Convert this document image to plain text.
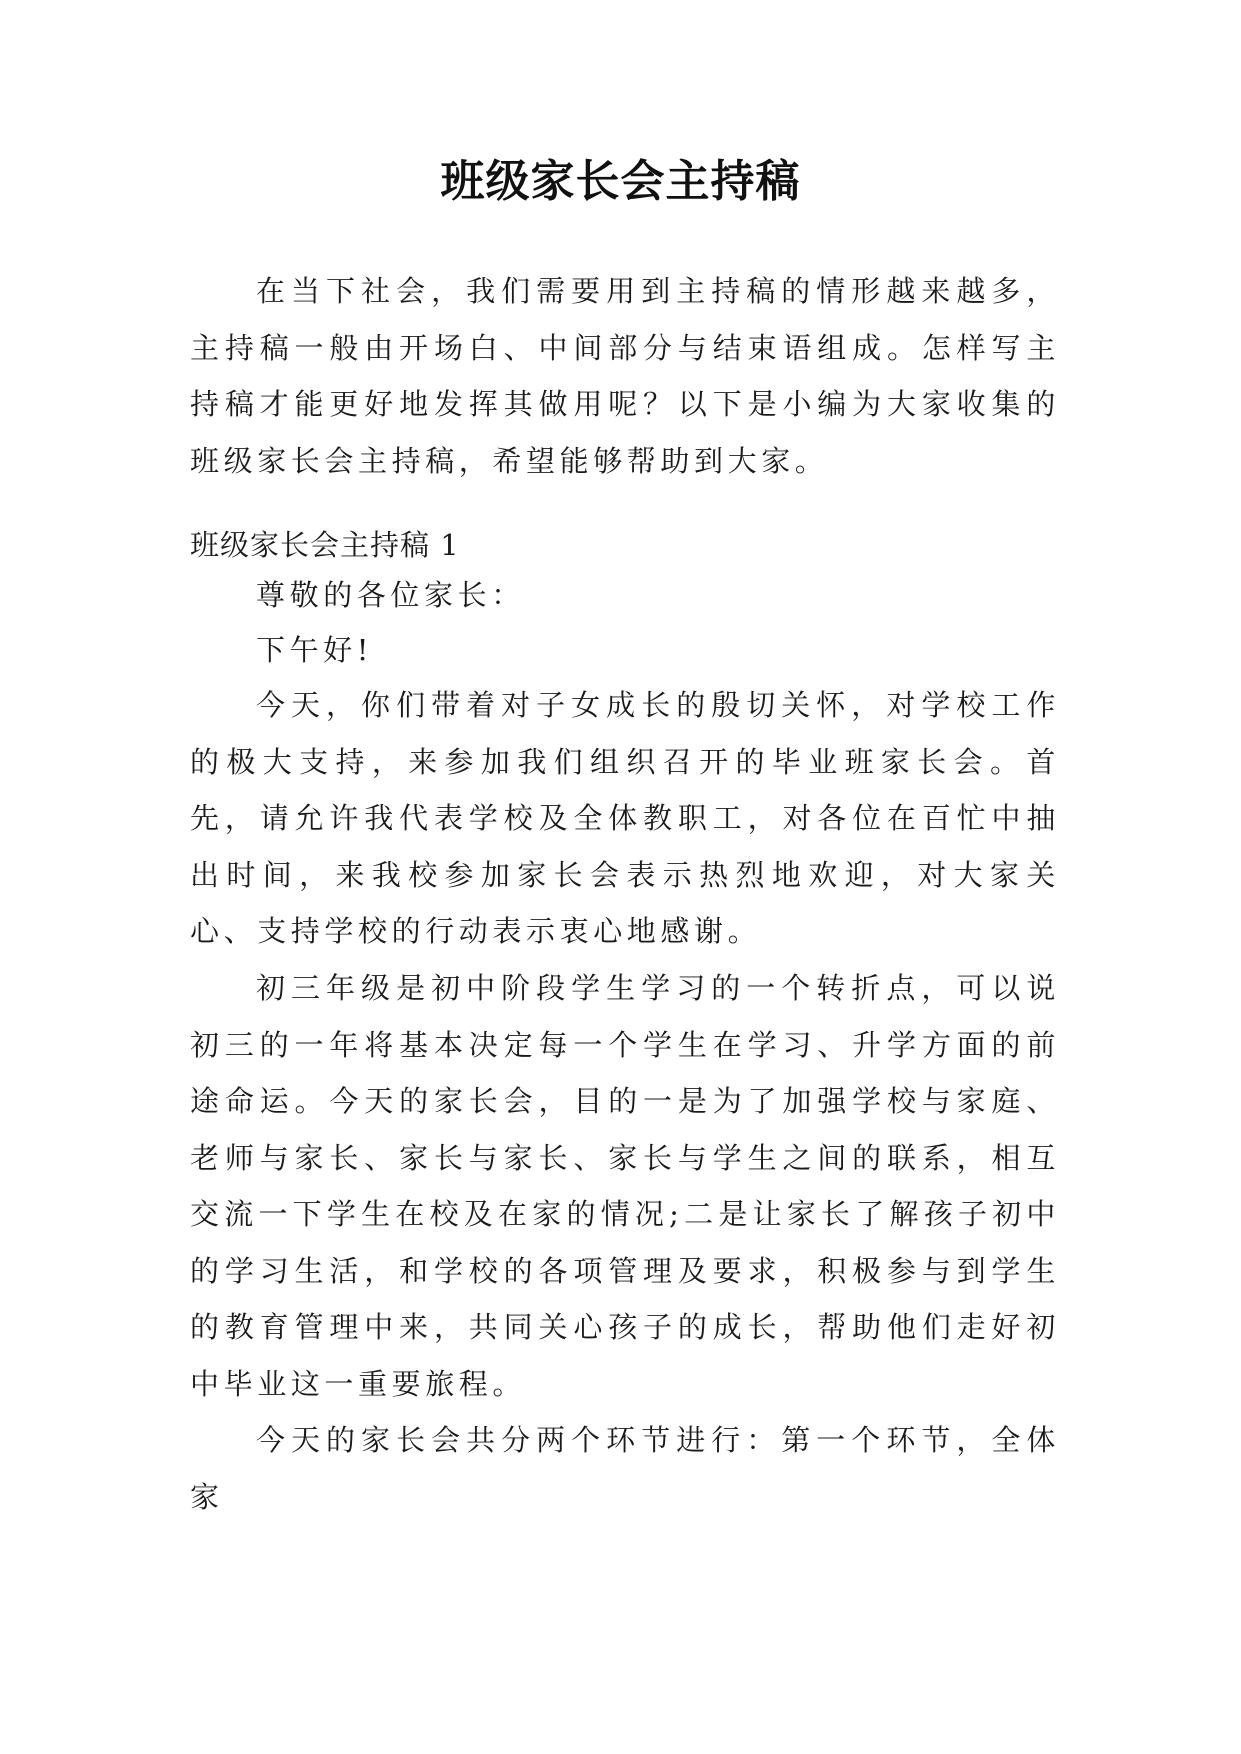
班级家长会主持稿

在当下社会，我们需要用到主持稿的情形越来越多，主持稿一般由开场白、中间部分与结束语组成。怎样写主持稿才能更好地发挥其做用呢？以下是小编为大家收集的班级家长会主持稿，希望能够帮助到大家。

班级家长会主持稿 1

尊敬的各位家长：

下午好!

今天，你们带着对子女成长的殷切关怀，对学校工作的极大支持，来参加我们组织召开的毕业班家长会。首先，请允许我代表学校及全体教职工，对各位在百忙中抽出时间，来我校参加家长会表示热烈地欢迎，对大家关心、支持学校的行动表示衷心地感谢。

初三年级是初中阶段学生学习的一个转折点，可以说初三的一年将基本决定每一个学生在学习、升学方面的前途命运。今天的家长会，目的一是为了加强学校与家庭、老师与家长、家长与家长、家长与学生之间的联系，相互交流一下学生在校及在家的情况;二是让家长了解孩子初中的学习生活，和学校的各项管理及要求，积极参与到学生的教育管理中来，共同关心孩子的成长，帮助他们走好初中毕业这一重要旅程。

今天的家长会共分两个环节进行：第一个环节，全体家
